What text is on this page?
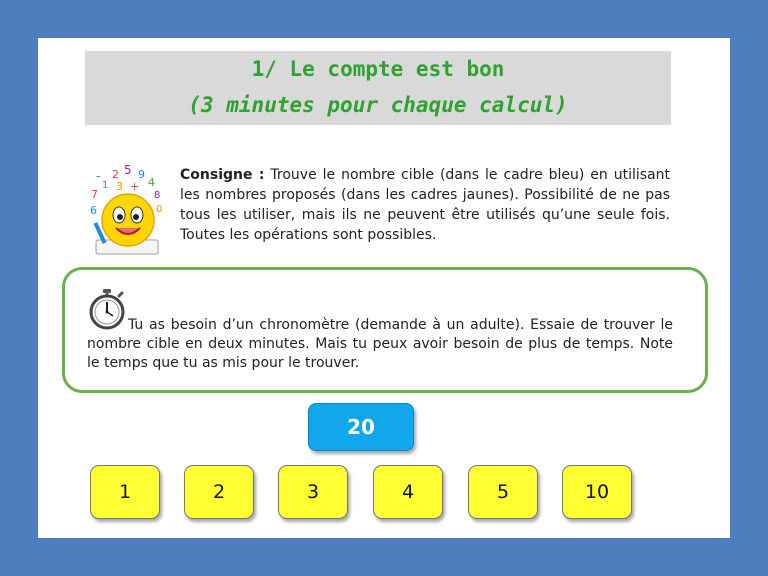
1/ Le compte est bon
(3 minutes pour chaque calcul)
2 5 9
4
1 3 +
7	8
6	0
-	Consigne : Trouve le nombre cible (dans le cadre bleu) en utilisant les nombres proposés (dans les cadres jaunes). Possibilité de ne pas tous les utiliser, mais ils ne peuvent être utilisés qu’une seule fois. Toutes les opérations sont possibles.
Tu as besoin d’un chronomètre (demande à un adulte). Essaie de trouver le nombre cible en deux minutes. Mais tu peux avoir besoin de plus de temps. Note le temps que tu as mis pour le trouver.
20
1	2	3	4	5	10
